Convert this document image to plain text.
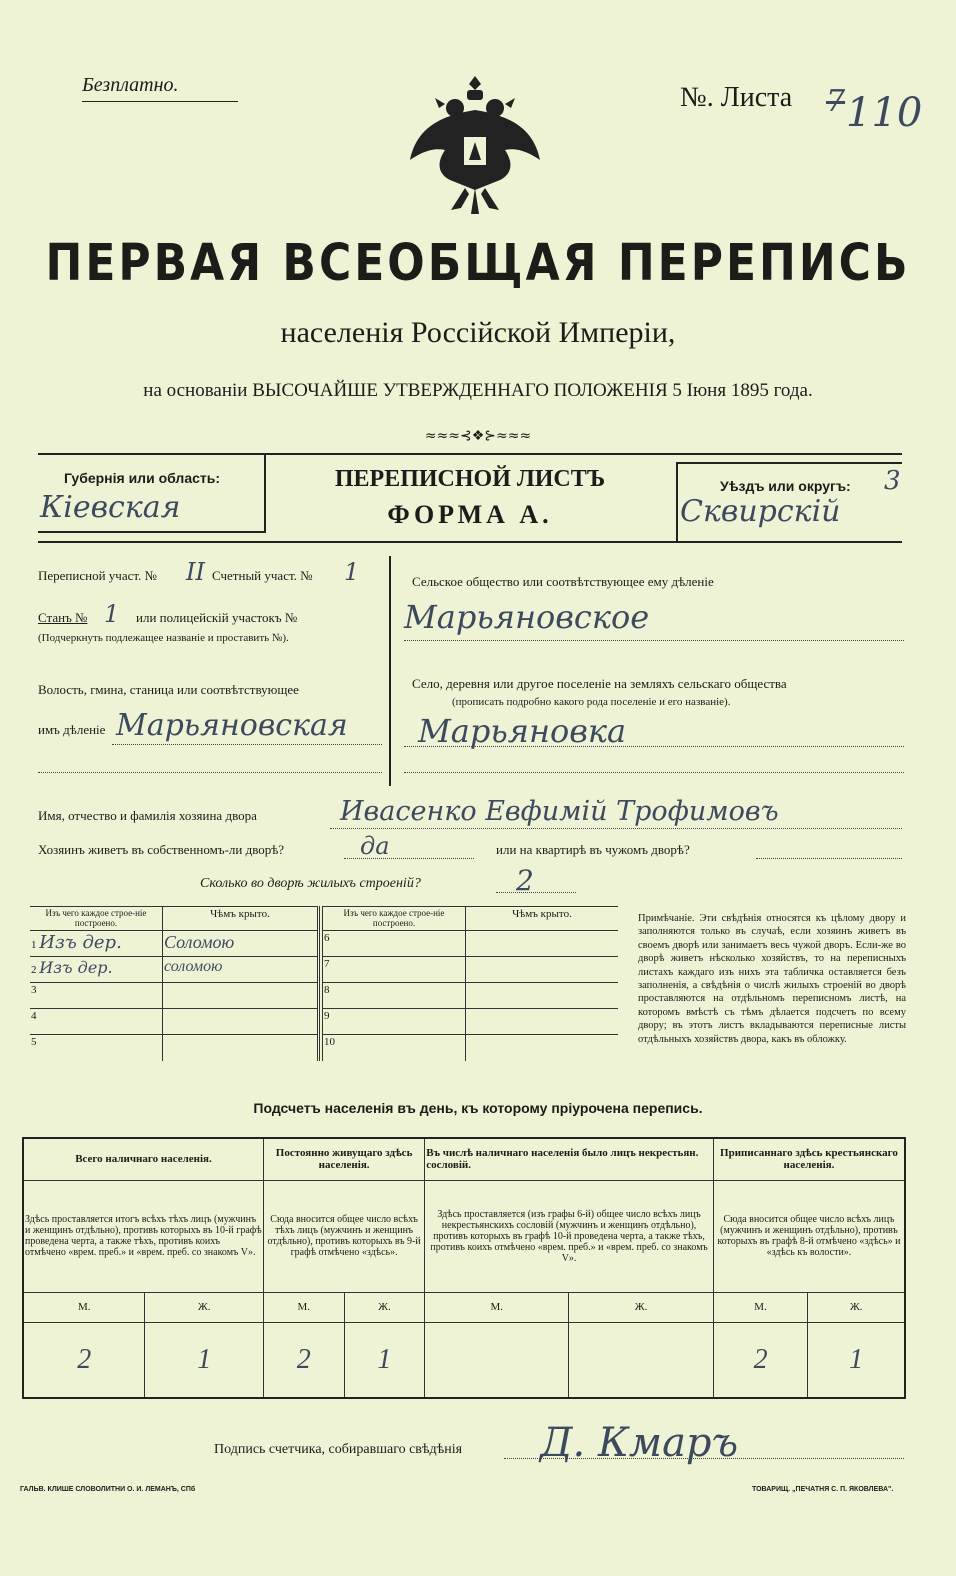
Безплатно.	№. Листа 7 110
ПЕРВАЯ ВСЕОБЩАЯ ПЕРЕПИСЬ
населенія Россійской Имперіи,
на основаніи ВЫСОЧАЙШЕ УТВЕРЖДЕННАГО ПОЛОЖЕНІЯ 5 Іюня 1895 года.
≈≈≈⊰❖⊱≈≈≈
Губернія или область:
Кіевская
ПЕРЕПИСНОЙ ЛИСТЪ
ФОРМА А.
Уѣздъ или округъ: 3
Сквирскій
Переписной участ. № II Счетный участ. № 1
Станъ № 1 или полицейскій участокъ №
(Подчеркнуть подлежащее названіе и проставить №).
Волость, гмина, станица или соотвѣтствующее
имъ дѣленіе Марьяновская
Сельское общество или соотвѣтствующее ему дѣленіе
Марьяновское
Село, деревня или другое поселеніе на земляхъ сельскаго общества
(прописать подробно какого рода поселеніе и его названіе).
Марьяновка
Имя, отчество и фамилія хозяина двора	Ивасенко Евфимій Трофимовъ
Хозяинъ живетъ въ собственномъ-ли дворѣ?	да	или на квартирѣ въ чужомъ дворѣ?
Сколько во дворѣ жилыхъ строеній?	2
Изъ чего каждое строе-ніе построено.	Чѣмъ крыто.
1 Изъ дер.	Соломою
2 Изъ дер.	соломою
3	
4	
5	
Изъ чего каждое строе-ніе построено.	Чѣмъ крыто.
6	
7	
8	
9	
10	
Примѣчаніе. Эти свѣдѣнія относятся къ цѣлому двору и заполняются только въ случаѣ, если хозяинъ живетъ въ своемъ дворѣ или занимаетъ весь чужой дворъ. Если-же во дворѣ живетъ нѣсколько хозяйствъ, то на переписныхъ листахъ каждаго изъ нихъ эта табличка оставляется безъ заполненія, а свѣдѣнія о числѣ жилыхъ строеній во дворѣ проставляются на отдѣльномъ переписномъ листѣ, на которомъ вмѣстѣ съ тѣмъ дѣлается подсчетъ по всему двору; въ этотъ листъ вкладываются переписные листы отдѣльныхъ хозяйствъ двора, какъ въ обложку.
Подсчетъ населенія въ день, къ которому пріурочена перепись.
Всего наличнаго населенія.		Постоянно живущаго здѣсь населенія.		Въ числѣ наличнаго населенія было лицъ некрестьян. сословій.		Приписаннаго здѣсь крестьянскаго населенія.	
Здѣсь проставляется итогъ всѣхъ тѣхъ лицъ (мужчинъ и женщинъ отдѣльно), противъ которыхъ въ 10-й графѣ проведена черта, а также тѣхъ, противъ коихъ отмѣчено «врем. преб.» и «врем. преб. со знакомъ V».		Сюда вносится общее число всѣхъ тѣхъ лицъ (мужчинъ и женщинъ отдѣльно), противъ которыхъ въ 9-й графѣ отмѣчено «здѣсь».		Здѣсь проставляется (изъ графы 6-й) общее число всѣхъ лицъ некрестьянскихъ сословій (мужчинъ и женщинъ отдѣльно), противъ которыхъ въ графѣ 10-й проведена черта, а также тѣхъ, противъ коихъ отмѣчено «врем. преб.» и «врем. преб. со знакомъ V».		Сюда вносится общее число всѣхъ лицъ (мужчинъ и женщинъ отдѣльно), противъ которыхъ въ графѣ 8-й отмѣчено «здѣсь» и «здѣсь къ волости».	
М.	Ж.	М.	Ж.	М.	Ж.	М.	Ж.
2	1	2	1			2	1
Подпись счетчика, собиравшаго свѣдѣнія Д. Кмаръ
ГАЛЬВ. КЛИШЕ СЛОВОЛИТНИ О. И. ЛЕМАНЪ, СПб	ТОВАРИЩ. „ПЕЧАТНЯ С. П. ЯКОВЛЕВА".
